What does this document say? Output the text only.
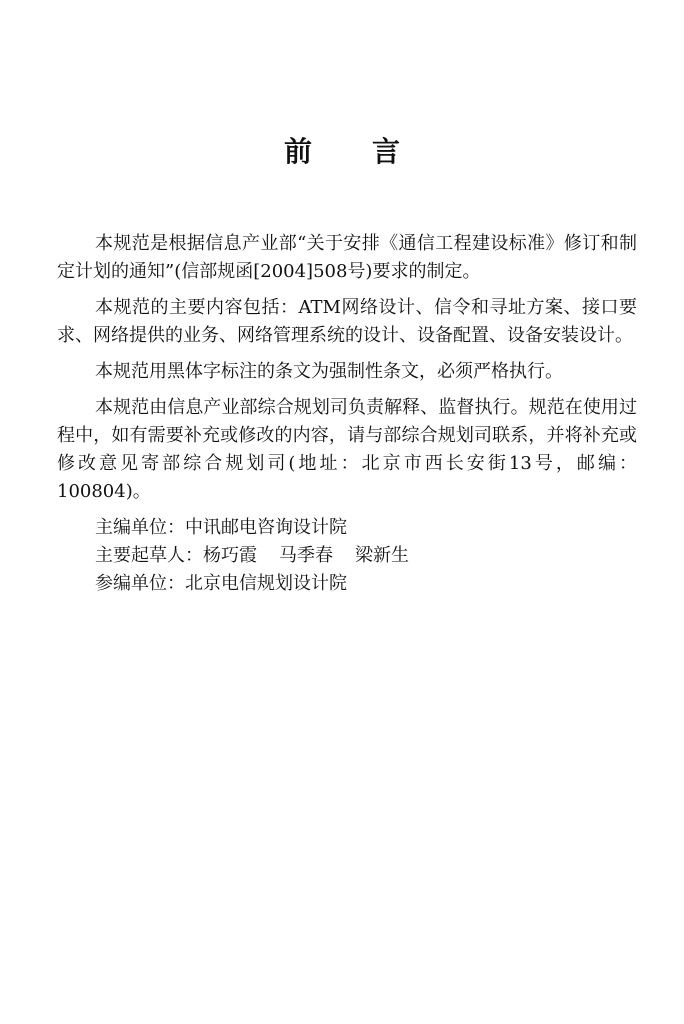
前 言

本规范是根据信息产业部“关于安排《通信工程建设标准》修订和制定计划的通知”(信部规函[2004]508号)要求的制定。

本规范的主要内容包括：ATM网络设计、信令和寻址方案、接口要求、网络提供的业务、网络管理系统的设计、设备配置、设备安装设计。

本规范用黑体字标注的条文为强制性条文，必须严格执行。

本规范由信息产业部综合规划司负责解释、监督执行。规范在使用过程中，如有需要补充或修改的内容，请与部综合规划司联系，并将补充或修改意见寄部综合规划司(地址：北京市西长安街13号，邮编：100804)。

主编单位：中讯邮电咨询设计院

主要起草人：杨巧霞 马季春 梁新生

参编单位：北京电信规划设计院
